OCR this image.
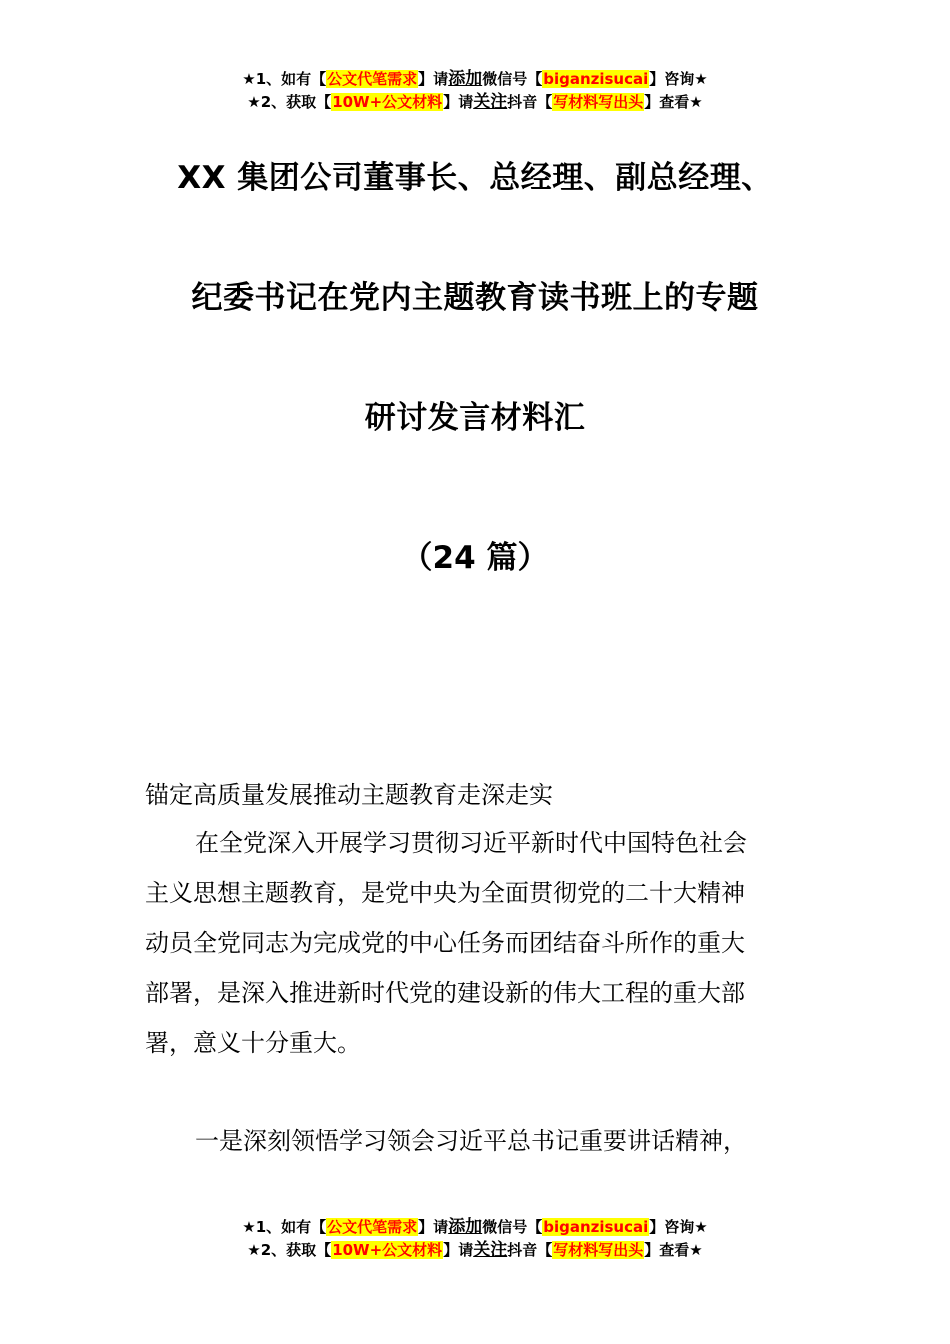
★1、如有【公文代笔需求】请添加微信号【biganzisucai】咨询★
★2、获取【10W+公文材料】请关注抖音【写材料写出头】查看★
XX 集团公司董事长、总经理、副总经理、
纪委书记在党内主题教育读书班上的专题
研讨发言材料汇
（24 篇）
锚定高质量发展推动主题教育走深走实
在全党深入开展学习贯彻习近平新时代中国特色社会
主义思想主题教育，是党中央为全面贯彻党的二十大精神
动员全党同志为完成党的中心任务而团结奋斗所作的重大
部署，是深入推进新时代党的建设新的伟大工程的重大部
署，意义十分重大。
一是深刻领悟学习领会习近平总书记重要讲话精神，
★1、如有【公文代笔需求】请添加微信号【biganzisucai】咨询★
★2、获取【10W+公文材料】请关注抖音【写材料写出头】查看★
